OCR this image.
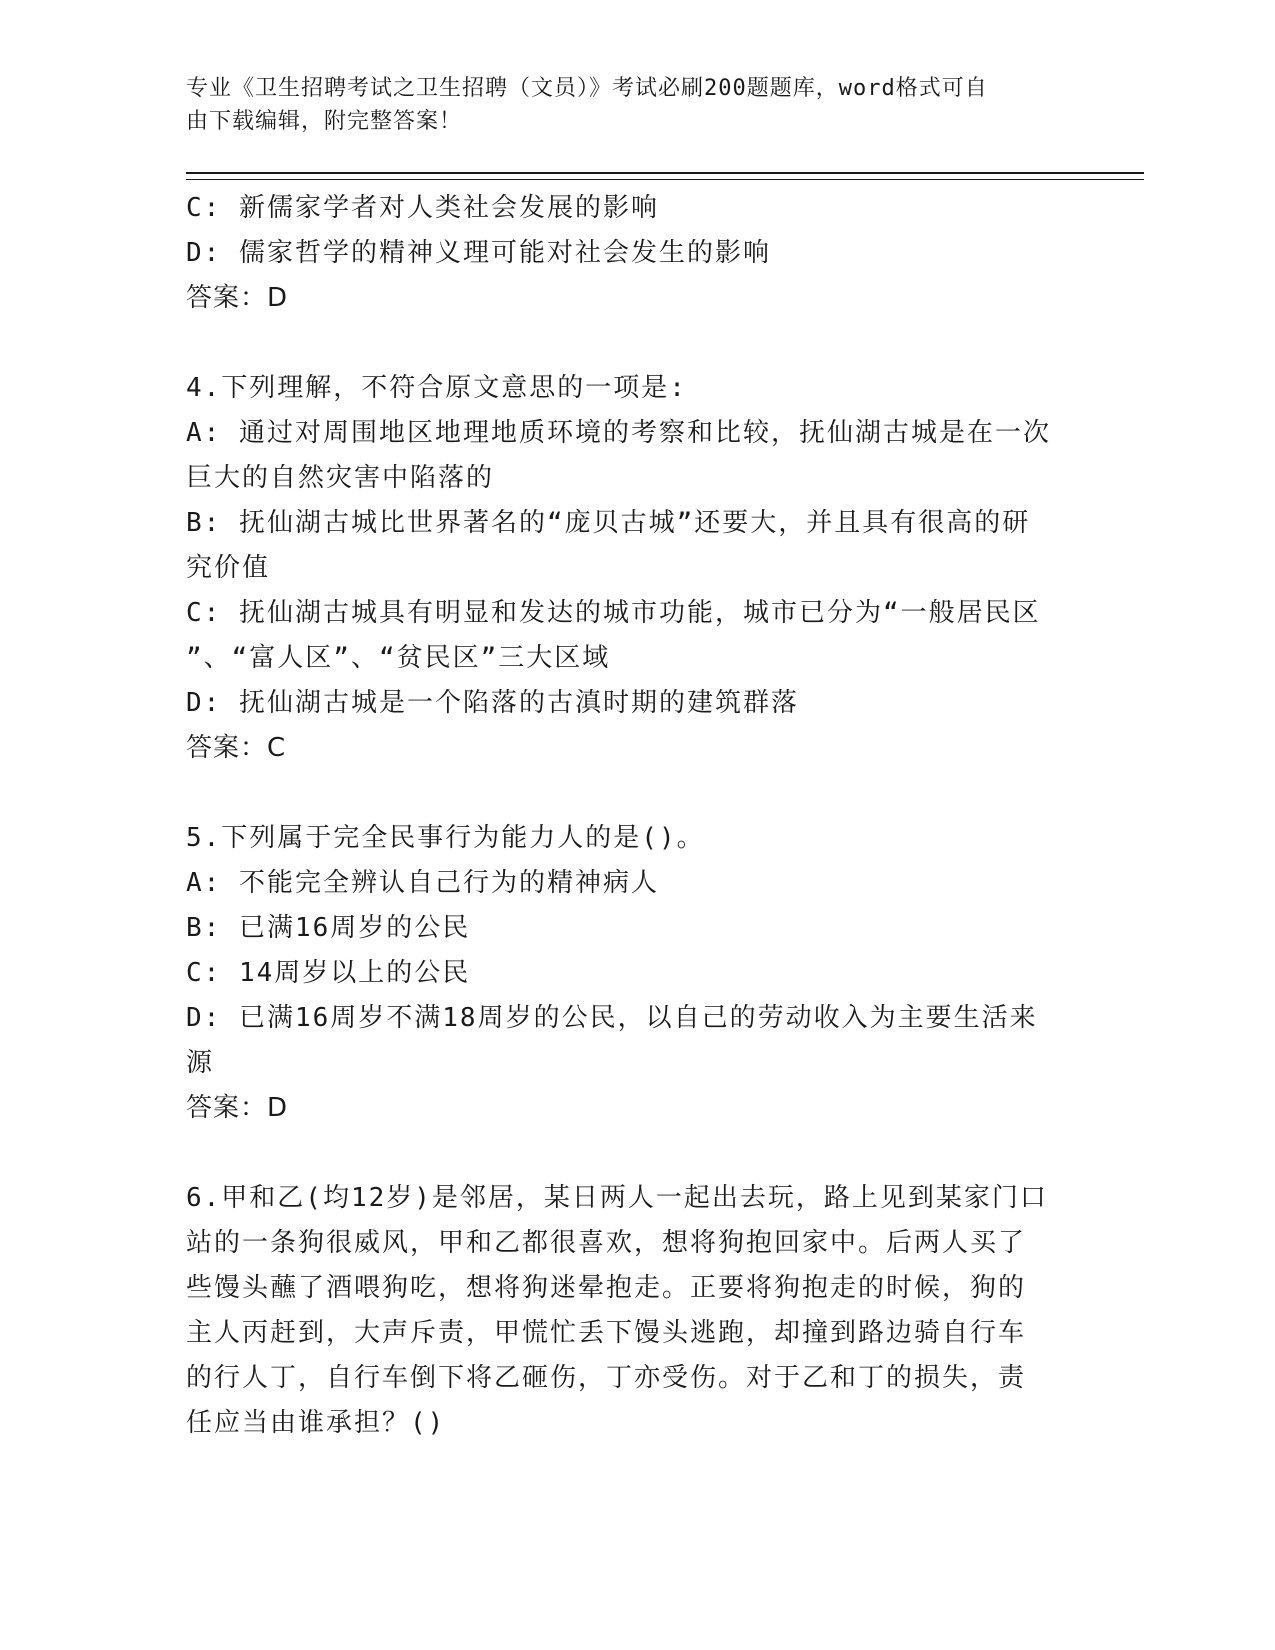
专业《卫生招聘考试之卫生招聘（文员）》考试必刷200题题库，word格式可自
由下载编辑，附完整答案！
C: 新儒家学者对人类社会发展的影响
D: 儒家哲学的精神义理可能对社会发生的影响
答案：D
4.下列理解，不符合原文意思的一项是:
A: 通过对周围地区地理地质环境的考察和比较，抚仙湖古城是在一次
巨大的自然灾害中陷落的
B: 抚仙湖古城比世界著名的“庞贝古城”还要大，并且具有很高的研
究价值
C: 抚仙湖古城具有明显和发达的城市功能，城市已分为“一般居民区
”、“富人区”、“贫民区”三大区域
D: 抚仙湖古城是一个陷落的古滇时期的建筑群落
答案：C
5.下列属于完全民事行为能力人的是()。
A: 不能完全辨认自己行为的精神病人
B: 已满16周岁的公民
C: 14周岁以上的公民
D: 已满16周岁不满18周岁的公民，以自己的劳动收入为主要生活来
源
答案：D
6.甲和乙(均12岁)是邻居，某日两人一起出去玩，路上见到某家门口
站的一条狗很威风，甲和乙都很喜欢，想将狗抱回家中。后两人买了
些馒头蘸了酒喂狗吃，想将狗迷晕抱走。正要将狗抱走的时候，狗的
主人丙赶到，大声斥责，甲慌忙丢下馒头逃跑，却撞到路边骑自行车
的行人丁，自行车倒下将乙砸伤，丁亦受伤。对于乙和丁的损失，责
任应当由谁承担？()
